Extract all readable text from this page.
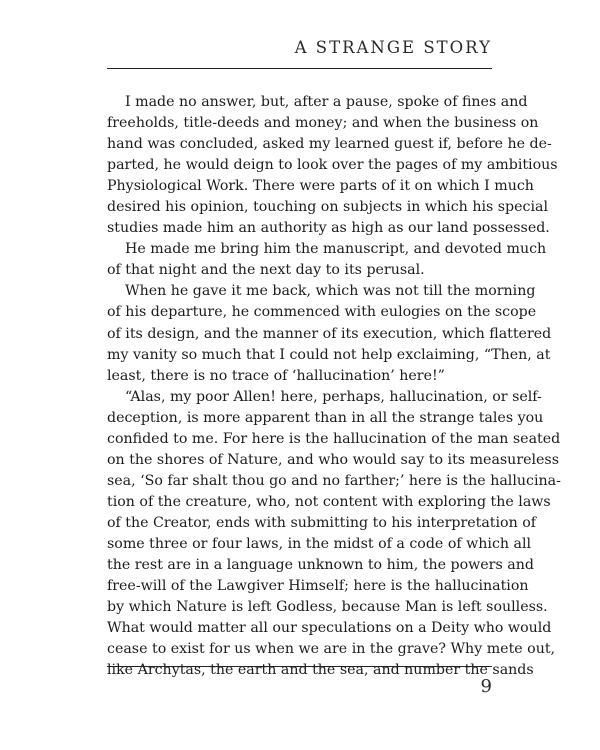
A STRANGE STORY
I made no answer, but, after a pause, spoke of fines and
freeholds, title-deeds and money; and when the business on
hand was concluded, asked my learned guest if, before he de-
parted, he would deign to look over the pages of my ambitious
Physiological Work. There were parts of it on which I much
desired his opinion, touching on subjects in which his special
studies made him an authority as high as our land possessed.
He made me bring him the manuscript, and devoted much
of that night and the next day to its perusal.
When he gave it me back, which was not till the morning
of his departure, he commenced with eulogies on the scope
of its design, and the manner of its execution, which flattered
my vanity so much that I could not help exclaiming, “Then, at
least, there is no trace of ‘hallucination’ here!”
“Alas, my poor Allen! here, perhaps, hallucination, or self-
deception, is more apparent than in all the strange tales you
confided to me. For here is the hallucination of the man seated
on the shores of Nature, and who would say to its measureless
sea, ‘So far shalt thou go and no farther;’ here is the hallucina-
tion of the creature, who, not content with exploring the laws
of the Creator, ends with submitting to his interpretation of
some three or four laws, in the midst of a code of which all
the rest are in a language unknown to him, the powers and
free-will of the Lawgiver Himself; here is the hallucination
by which Nature is left Godless, because Man is left soulless.
What would matter all our speculations on a Deity who would
cease to exist for us when we are in the grave? Why mete out,
like Archytas, the earth and the sea, and number the sands
9
